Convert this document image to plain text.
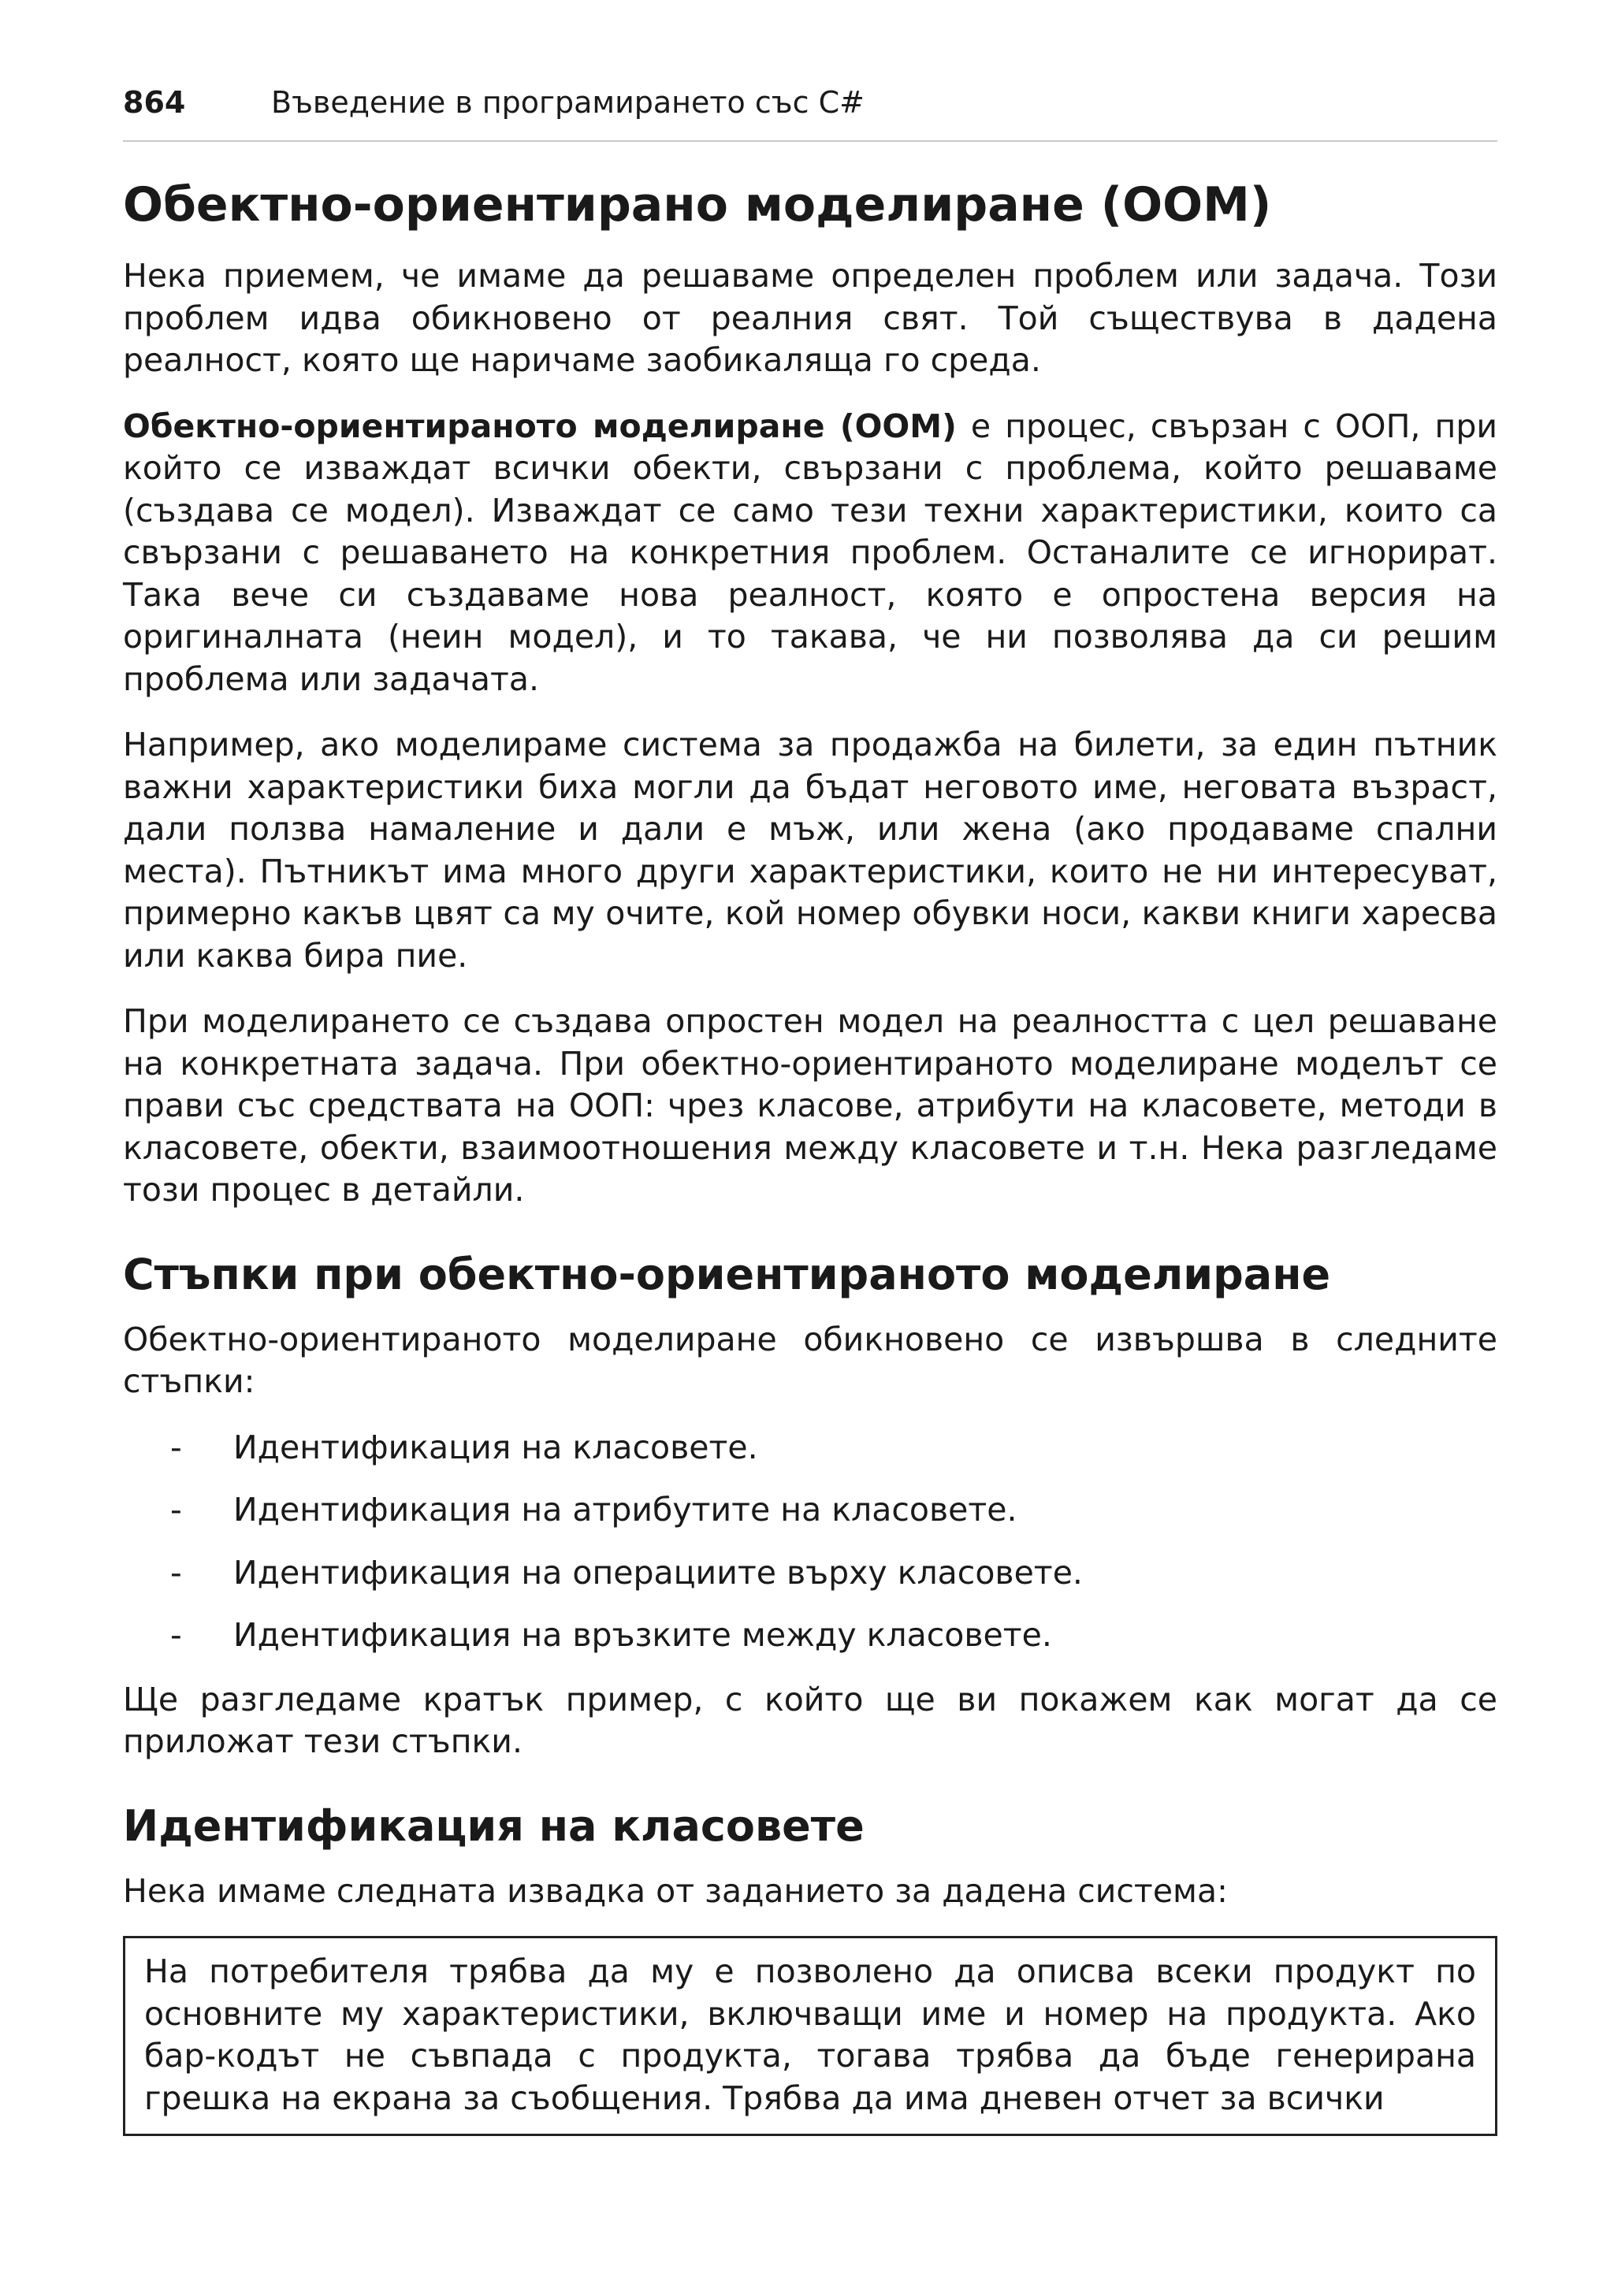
864	Въведение в програмирането със C#
Обектно-ориентирано моделиране (OOM)

Нека приемем, че имаме да решаваме определен проблем или задача. Този проблем идва обикновено от реалния свят. Той съществува в дадена реалност, която ще наричаме заобикаляща го среда.

Обектно-ориентираното моделиране (ООМ) е процес, свързан с ООП, при който се изваждат всички обекти, свързани с проблема, който решаваме (създава се модел). Изваждат се само тези техни характеристики, които са свързани с решаването на конкретния проблем. Останалите се игнорират. Така вече си създаваме нова реалност, която е опростена версия на оригиналната (неин модел), и то такава, че ни позволява да си решим проблема или задачата.

Например, ако моделираме система за продажба на билети, за един пътник важни характеристики биха могли да бъдат неговото име, неговата възраст, дали ползва намаление и дали е мъж, или жена (ако продаваме спални места). Пътникът има много други характеристики, които не ни интересуват, примерно какъв цвят са му очите, кой номер обувки носи, какви книги харесва или каква бира пие.

При моделирането се създава опростен модел на реалността с цел решаване на конкретната задача. При обектно-ориентираното моделиране моделът се прави със средствата на ООП: чрез класове, атрибути на класовете, методи в класовете, обекти, взаимоотношения между класовете и т.н. Нека разгледаме този процес в детайли.

Стъпки при обектно-ориентираното моделиране

Обектно-ориентираното моделиране обикновено се извършва в следните стъпки:

- Идентификация на класовете.
- Идентификация на атрибутите на класовете.
- Идентификация на операциите върху класовете.
- Идентификация на връзките между класовете.

Ще разгледаме кратък пример, с който ще ви покажем как могат да се приложат тези стъпки.

Идентификация на класовете

Нека имаме следната извадка от заданието за дадена система:

На потребителя трябва да му е позволено да описва всеки продукт по основните му характеристики, включващи име и номер на продукта. Ако бар-кодът не съвпада с продукта, тогава трябва да бъде генерирана грешка на екрана за съобщения. Трябва да има дневен отчет за всички
